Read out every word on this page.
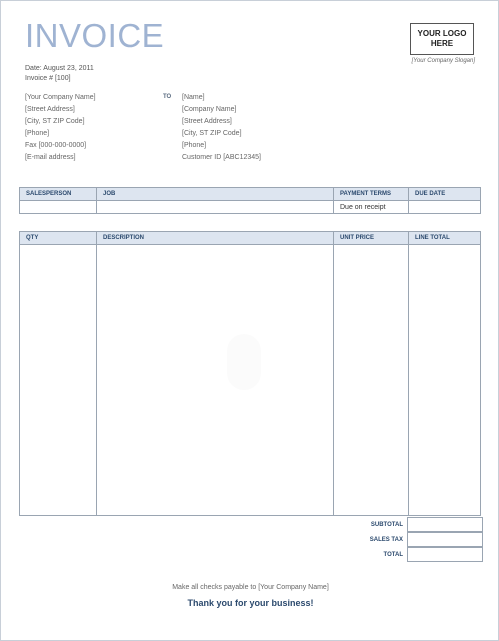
INVOICE	YOUR LOGO HERE
[Your Company Slogan]
Date: August 23, 2011
Invoice # [100]
[Your Company Name]
[Street Address]
[City, ST ZIP Code]
[Phone]
Fax [000-000-0000]
[E-mail address]
TO [Name]
[Company Name]
[Street Address]
[City, ST ZIP Code]
[Phone]
Customer ID [ABC12345]
SALESPERSON	JOB	PAYMENT TERMS	DUE DATE
		Due on receipt	
QTY	DESCRIPTION	UNIT PRICE	LINE TOTAL

SUBTOTAL
SALES TAX
TOTAL
Make all checks payable to [Your Company Name]
Thank you for your business!
